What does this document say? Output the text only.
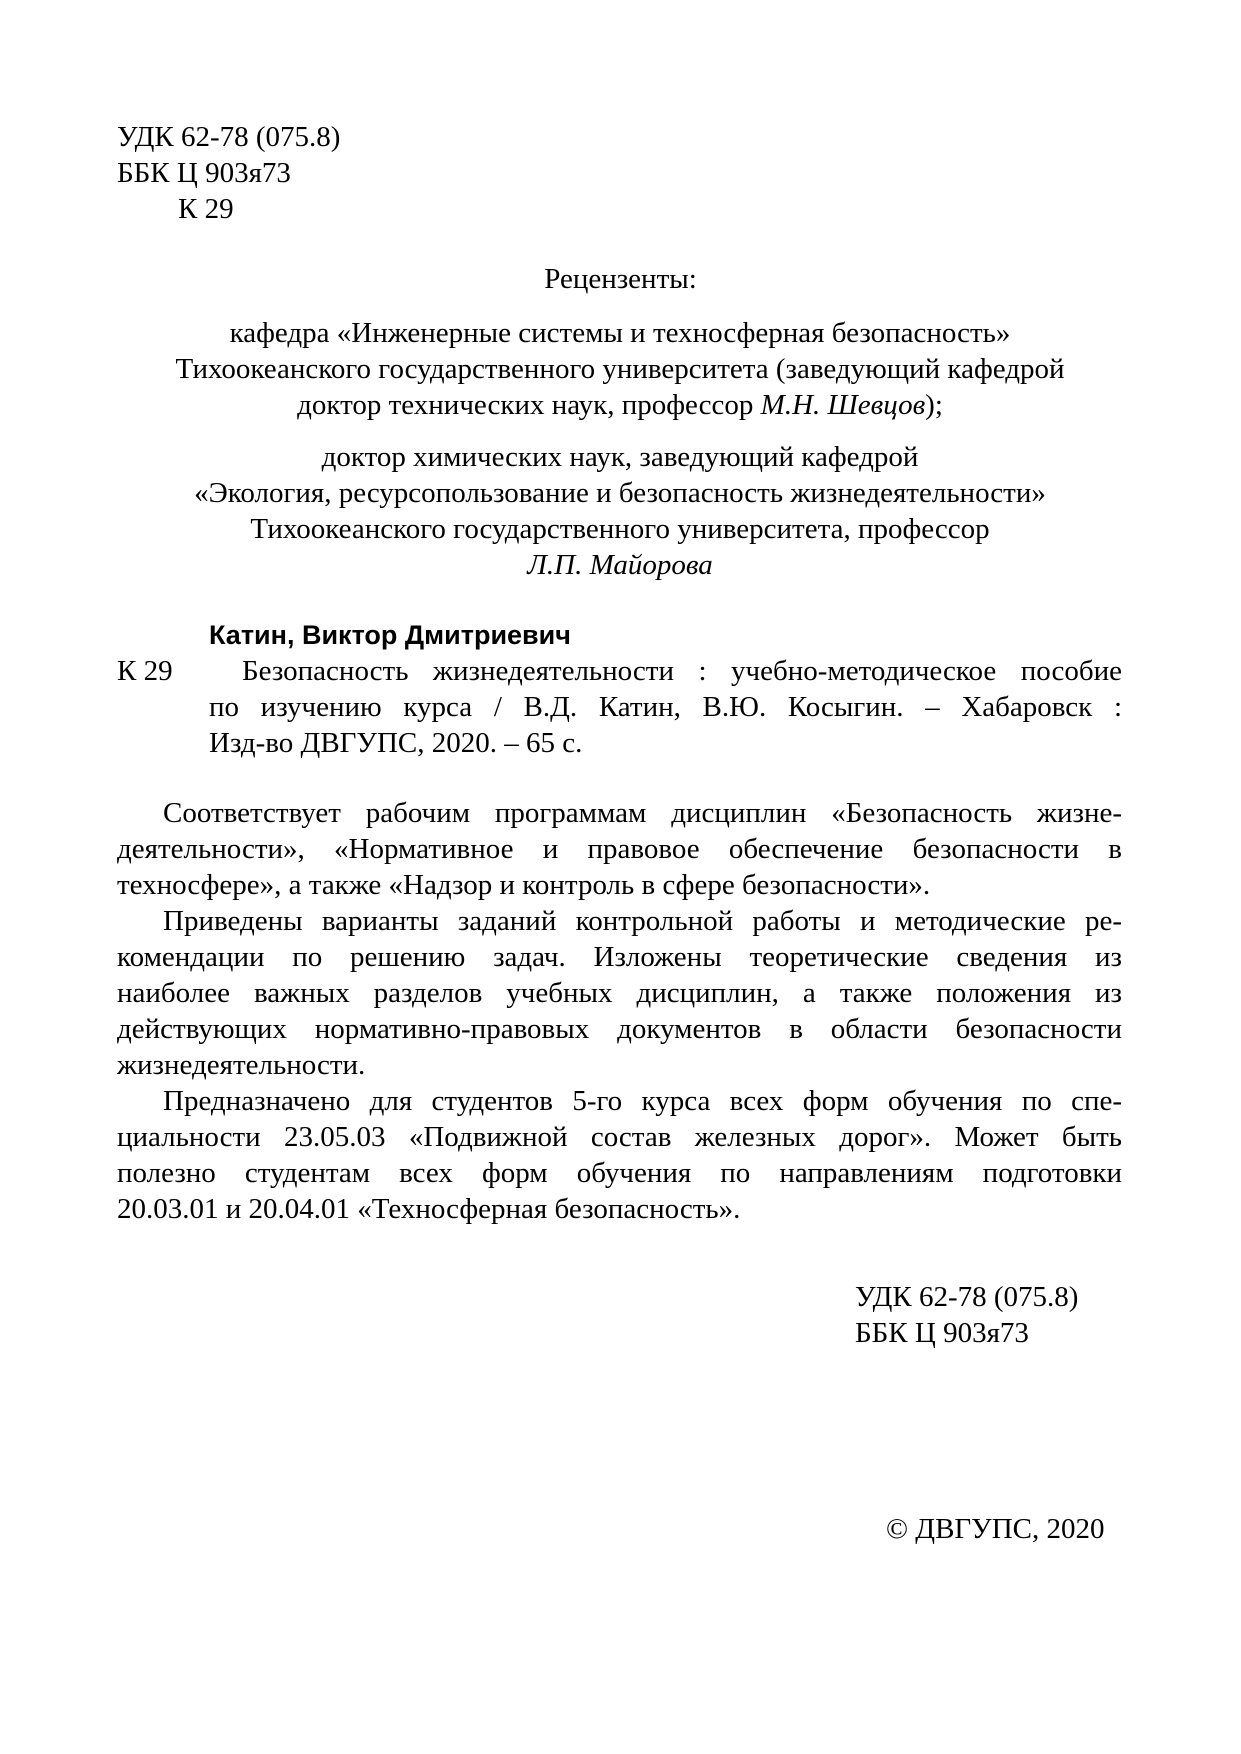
УДК 62-78 (075.8)
ББК Ц 903я73
К 29
Рецензенты:
кафедра «Инженерные системы и техносферная безопасность»
Тихоокеанского государственного университета (заведующий кафедрой
доктор технических наук, профессор М.Н. Шевцов);
доктор химических наук, заведующий кафедрой
«Экология, ресурсопользование и безопасность жизнедеятельности»
Тихоокеанского государственного университета, профессор
Л.П. Майорова
Катин, Виктор Дмитриевич
К 29 Безопасность жизнедеятельности : учебно-методическое пособие
по изучению курса / В.Д. Катин, В.Ю. Косыгин. – Хабаровск :
Изд-во ДВГУПС, 2020. – 65 с.
Соответствует рабочим программам дисциплин «Безопасность жизне-
деятельности», «Нормативное и правовое обеспечение безопасности в
техносфере», а также «Надзор и контроль в сфере безопасности».
Приведены варианты заданий контрольной работы и методические ре-
комендации по решению задач. Изложены теоретические сведения из
наиболее важных разделов учебных дисциплин, а также положения из
действующих нормативно-правовых документов в области безопасности
жизнедеятельности.
Предназначено для студентов 5-го курса всех форм обучения по спе-
циальности 23.05.03 «Подвижной состав железных дорог». Может быть
полезно студентам всех форм обучения по направлениям подготовки
20.03.01 и 20.04.01 «Техносферная безопасность».
УДК 62-78 (075.8)
ББК Ц 903я73
© ДВГУПС, 2020
